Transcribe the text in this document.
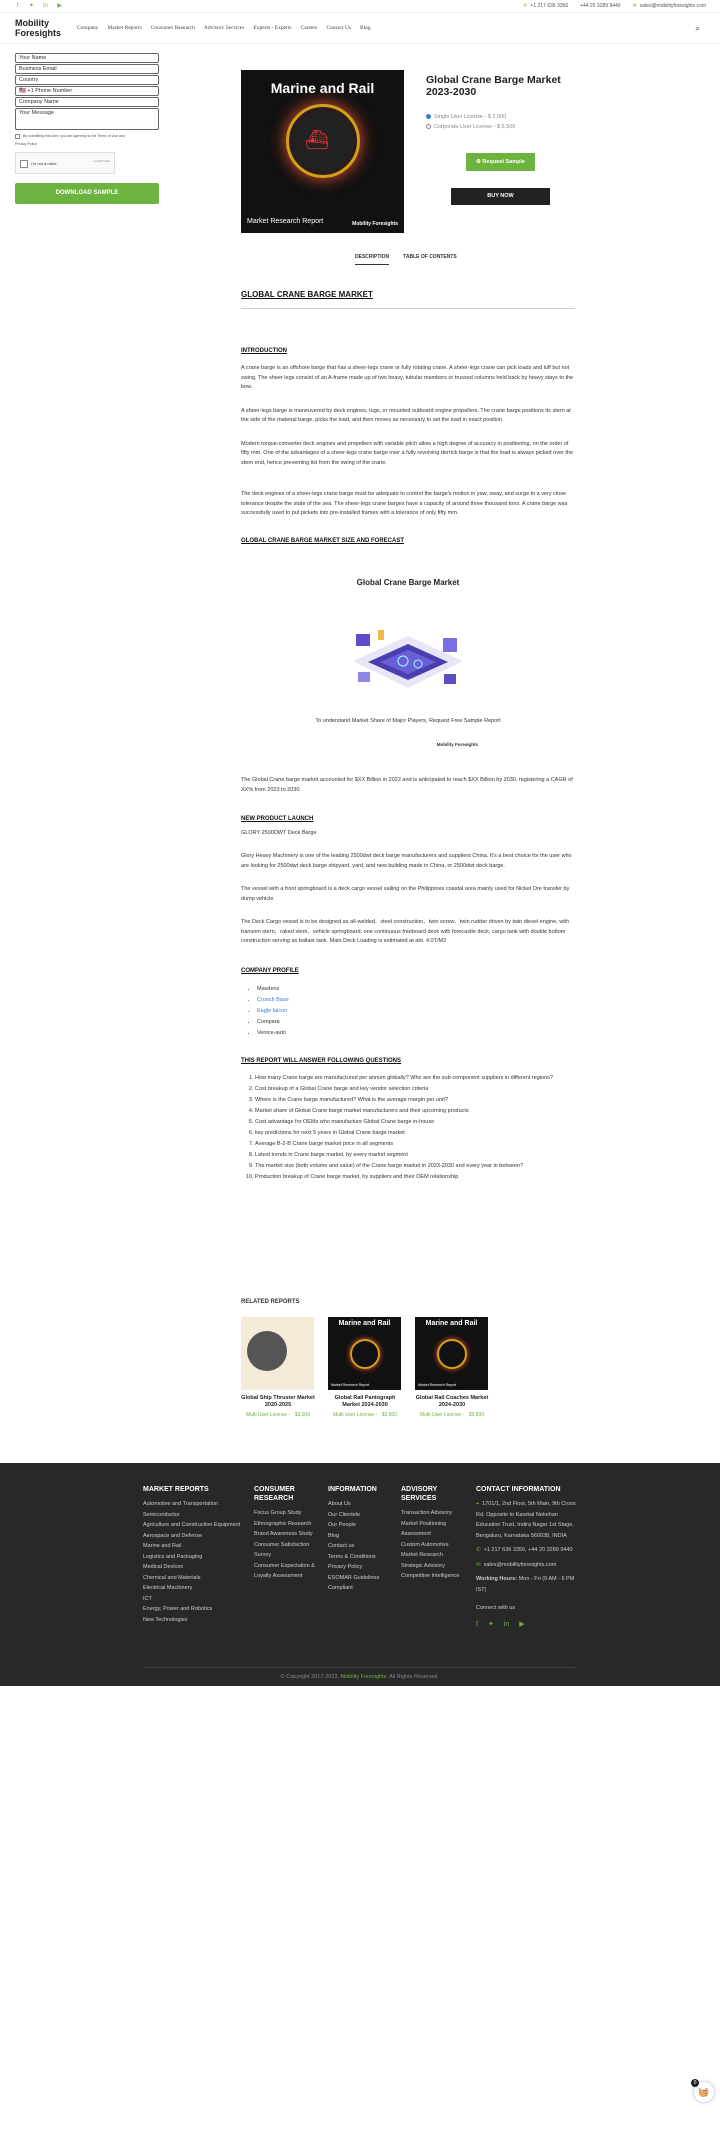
f	✦ in ▶	✆ +1 217 636 3356 +44 20 3289 9440 ✉ sales@mobilityforesights.com
Mobility
Foresights	Company Market Reports Consumer Research Advisory Services Experts - Experts Careers Contact Us Blog	⌕
Your Name
Business Email
Country
🇺🇸 +1 Phone Number
Company Name
Your Message
By submitting this form, you are agreeing to the Terms of Use and
Privacy Policy
I'm not a robot
reCAPTCHA
DOWNLOAD SAMPLE
Marine and Rail
⛴
Market Research Report	Mobility Foresights
Global Crane Barge Market 2023-2030
Single User License - $ 3,500
Corporate User License - $ 6,500
⚙ Request Sample
BUY NOW
DESCRIPTION	TABLE OF CONTENTS
GLOBAL CRANE BARGE MARKET
INTRODUCTION

A crane barge is an offshore barge that has a sheer-legs crane or fully rotating crane. A sheer-legs crane can pick loads and luff but not swing. The sheer legs consist of an A-frame made up of two heavy, tubular members or trussed columns held back by heavy stays to the bow.

A sheer-legs barge is maneuvered by deck engines, tugs, or mounted outboard engine propellers. The crane barge positions its stern at the side of the material barge, picks the load, and then moves as necessary to set the load in exact position.

Modern torque-converter deck engines and propellers with variable pitch allow a high degree of accuracy in positioning, on the order of fifty mm. One of the advantages of a sheer-legs crane barge over a fully revolving derrick barge is that the load is always picked over the stern end, hence preventing list from the swing of the crane.

The deck engines of a sheer-legs crane barge must be adequate to control the barge's motion in yaw, sway, and surge to a very close tolerance despite the state of the sea. The sheer-legs crane barges have a capacity of around three thousand tons. A crane barge was successfully used to put pickets into pre-installed frames with a tolerance of only fifty mm.

GLOBAL CRANE BARGE MARKET SIZE AND FORECAST
Global Crane Barge Market
To understand Market Share of Major Players, Request Free Sample Report
Mobility Foresights

The Global Crane barge market accounted for $XX Billion in 2022 and is anticipated to reach $XX Billion by 2030, registering a CAGR of XX% from 2023 to 2030.

NEW PRODUCT LAUNCH

GLORY 2500DWT Deck Barge

Glory Heavy Machinery is one of the leading 2500dwt deck barge manufacturers and suppliers China. It's a best choice for the user who are looking for 2500dwt deck barge shipyard, yard, and new building made in China, or 2500dwt deck barge.

The vessel with a front springboard is a deck cargo vessel sailing on the Philippines coastal area mainly used for Nickel Ore transfer by dump vehicle.

The Deck Cargo vessel is to be designed as all-welded、steel construction、twin screw、twin rudder driven by twin diesel engine, with transom stern、raked stem、vehicle springboard, one continuous freeboard deck with forecastle deck, cargo tank with double bottom construction serving as ballast tank. Main Deck Loading is estimated at abt. 4.0T/M2

COMPANY PROFILE
• Mavdenz
• Crunch Base
• Eagle falcon
• Compara
• Venice-auto
THIS REPORT WILL ANSWER FOLLOWING QUESTIONS
1. How many Crane barge are manufactured per annum globally? Who are the sub-component suppliers in different regions?
2. Cost breakup of a Global Crane barge and key vendor selection criteria
3. Where is the Crane barge manufactured? What is the average margin per unit?
4. Market share of Global Crane barge market manufacturers and their upcoming products
5. Cost advantage for OEMs who manufacture Global Crane barge in-house
6. key predictions for next 5 years in Global Crane barge market
7. Average B-2-B Crane barge market price in all segments
8. Latest trends in Crane barge market, by every market segment
9. The market size (both volume and value) of the Crane barge market in 2023-2030 and every year in between?
10. Production breakup of Crane barge market, by suppliers and their OEM relationship
RELATED REPORTS
Global Ship Thruster Market 2020-2025
Multi User License - $3,000
Marine and Rail
Market Research Report
Global Rail Pantograph Market 2024-2030
Multi User License - $3,500
Marine and Rail
Market Research Report
Global Rail Coaches Market 2024-2030
Multi User License - $3,500
MARKET REPORTS
Automotive and Transportation
Semiconductor
Agriculture and Construction Equipment
Aerospace and Defense
Marine and Rail
Logistics and Packaging
Medical Devices
Chemical and Materials
Electrical Machinery
ICT
Energy, Power and Robotics
New Technologies
CONSUMER RESEARCH
Focus Group Study
Ethnographic Research
Brand Awareness Study
Consumer Satisfaction Survey
Consumer Expectation & Loyalty Assessment
INFORMATION
About Us
Our Clientele
Our People
Blog
Contact us
Terms & Conditions
Privacy Policy
ESOMAR Guidelines Compliant
ADVISORY SERVICES
Transaction Advisory
Market Positioning Assessment
Custom Automotive Market Research
Strategic Advisory
Competitive Intelligence
CONTACT INFORMATION
⌖ 1701/1, 2nd Floor, 5th Main, 9th Cross Rd, Opposite to Karekal Nekehan Education Trust, Indira Nagar 1st Stage, Bengaluru, Karnataka 560038, INDIA
✆ +1 217 636 3356, +44 20 3289 9440
✉ sales@mobilityforesights.com
Working Hours: Mon - Fri (9 AM - 6 PM IST)
Connect with us
f ✦ in ▶
© Copyright 2017-2023, Mobility Foresights. All Rights Reserved
🧺
0
